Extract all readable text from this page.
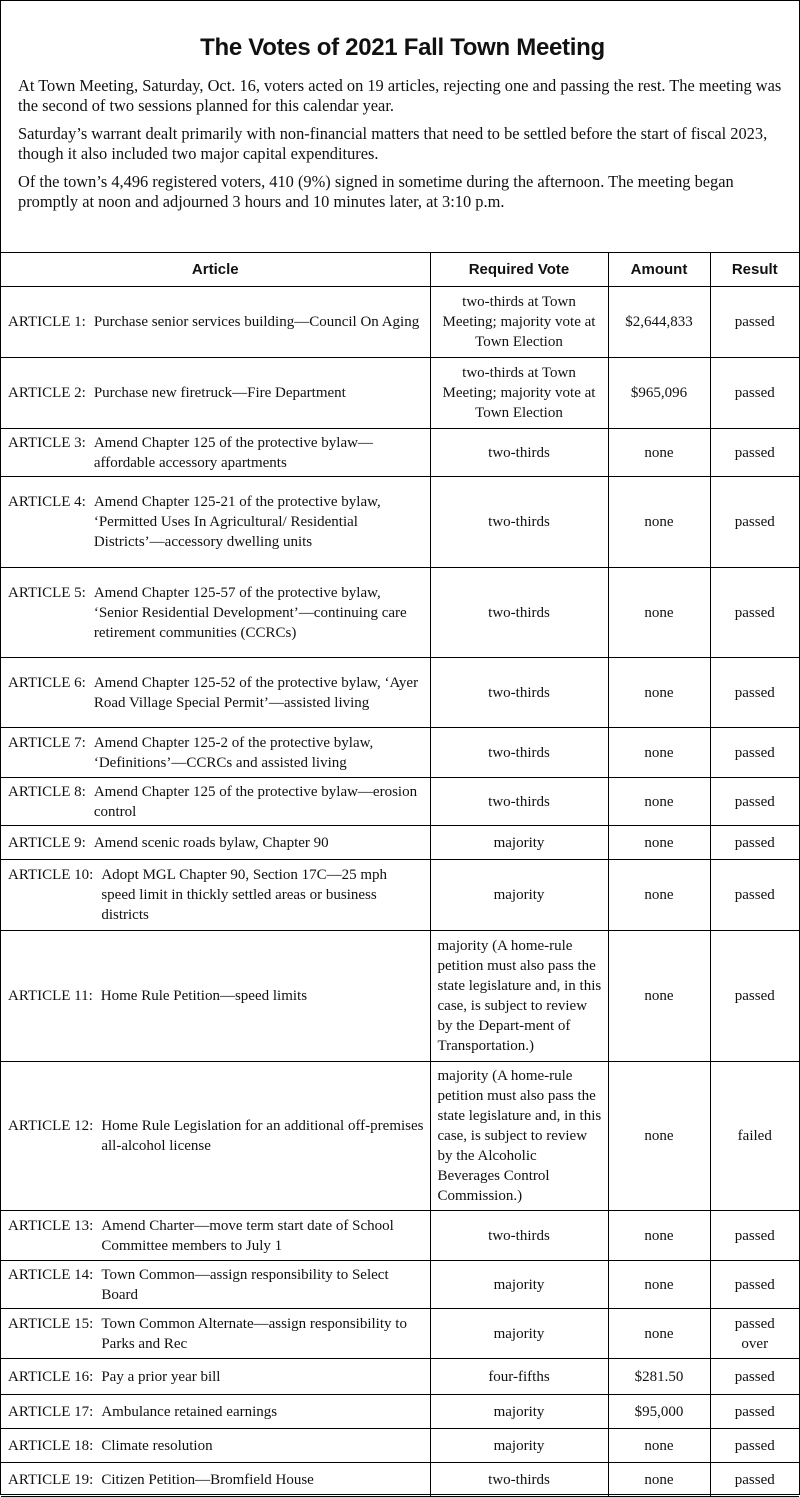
The Votes of 2021 Fall Town Meeting

At Town Meeting, Saturday, Oct. 16, voters acted on 19 articles, rejecting one and passing the rest. The meeting was the second of two sessions planned for this calendar year.

Saturday’s warrant dealt primarily with non-financial matters that need to be settled before the start of fiscal 2023, though it also included two major capital expenditures.

Of the town’s 4,496 registered voters, 410 (9%) signed in sometime during the afternoon. The meeting began promptly at noon and adjourned 3 hours and 10 minutes later, at 3:10 p.m.

Article	Required Vote	Amount	Result

ARTICLE 1: Purchase senior services building—Council On Aging	two-thirds at Town Meeting; majority vote at Town Election	$2,644,833	passed

ARTICLE 2: Purchase new firetruck—Fire Department	two-thirds at Town Meeting; majority vote at Town Election	$965,096	passed

ARTICLE 3: Amend Chapter 125 of the protective bylaw—affordable accessory apartments	two-thirds	none	passed

ARTICLE 4: Amend Chapter 125-21 of the protective bylaw, ‘Permitted Uses In Agricultural/ Residential Districts’—accessory dwelling units	two-thirds	none	passed

ARTICLE 5: Amend Chapter 125-57 of the protective bylaw, ‘Senior Residential Development’—continuing care retirement communities (CCRCs)	two-thirds	none	passed

ARTICLE 6: Amend Chapter 125-52 of the protective bylaw, ‘Ayer Road Village Special Permit’—assisted living	two-thirds	none	passed

ARTICLE 7: Amend Chapter 125-2 of the protective bylaw, ‘Definitions’—CCRCs and assisted living	two-thirds	none	passed

ARTICLE 8: Amend Chapter 125 of the protective bylaw—erosion control	two-thirds	none	passed

ARTICLE 9: Amend scenic roads bylaw, Chapter 90	majority	none	passed

ARTICLE 10: Adopt MGL Chapter 90, Section 17C—25 mph speed limit in thickly settled areas or business districts	majority	none	passed

ARTICLE 11: Home Rule Petition—speed limits	majority (A home-rule petition must also pass the state legislature and, in this case, is subject to review by the Depart-ment of Transportation.)	none	passed

ARTICLE 12: Home Rule Legislation for an additional off-premises all-alcohol license	majority (A home-rule petition must also pass the state legislature and, in this case, is subject to review by the Alcoholic Beverages Control Commission.)	none	failed

ARTICLE 13: Amend Charter—move term start date of School Committee members to July 1	two-thirds	none	passed

ARTICLE 14: Town Common—assign responsibility to Select Board	majority	none	passed

ARTICLE 15: Town Common Alternate—assign responsibility to Parks and Rec	majority	none	passed over

ARTICLE 16: Pay a prior year bill	four-fifths	$281.50	passed

ARTICLE 17: Ambulance retained earnings	majority	$95,000	passed

ARTICLE 18: Climate resolution	majority	none	passed

ARTICLE 19: Citizen Petition—Bromfield House	two-thirds	none	passed
